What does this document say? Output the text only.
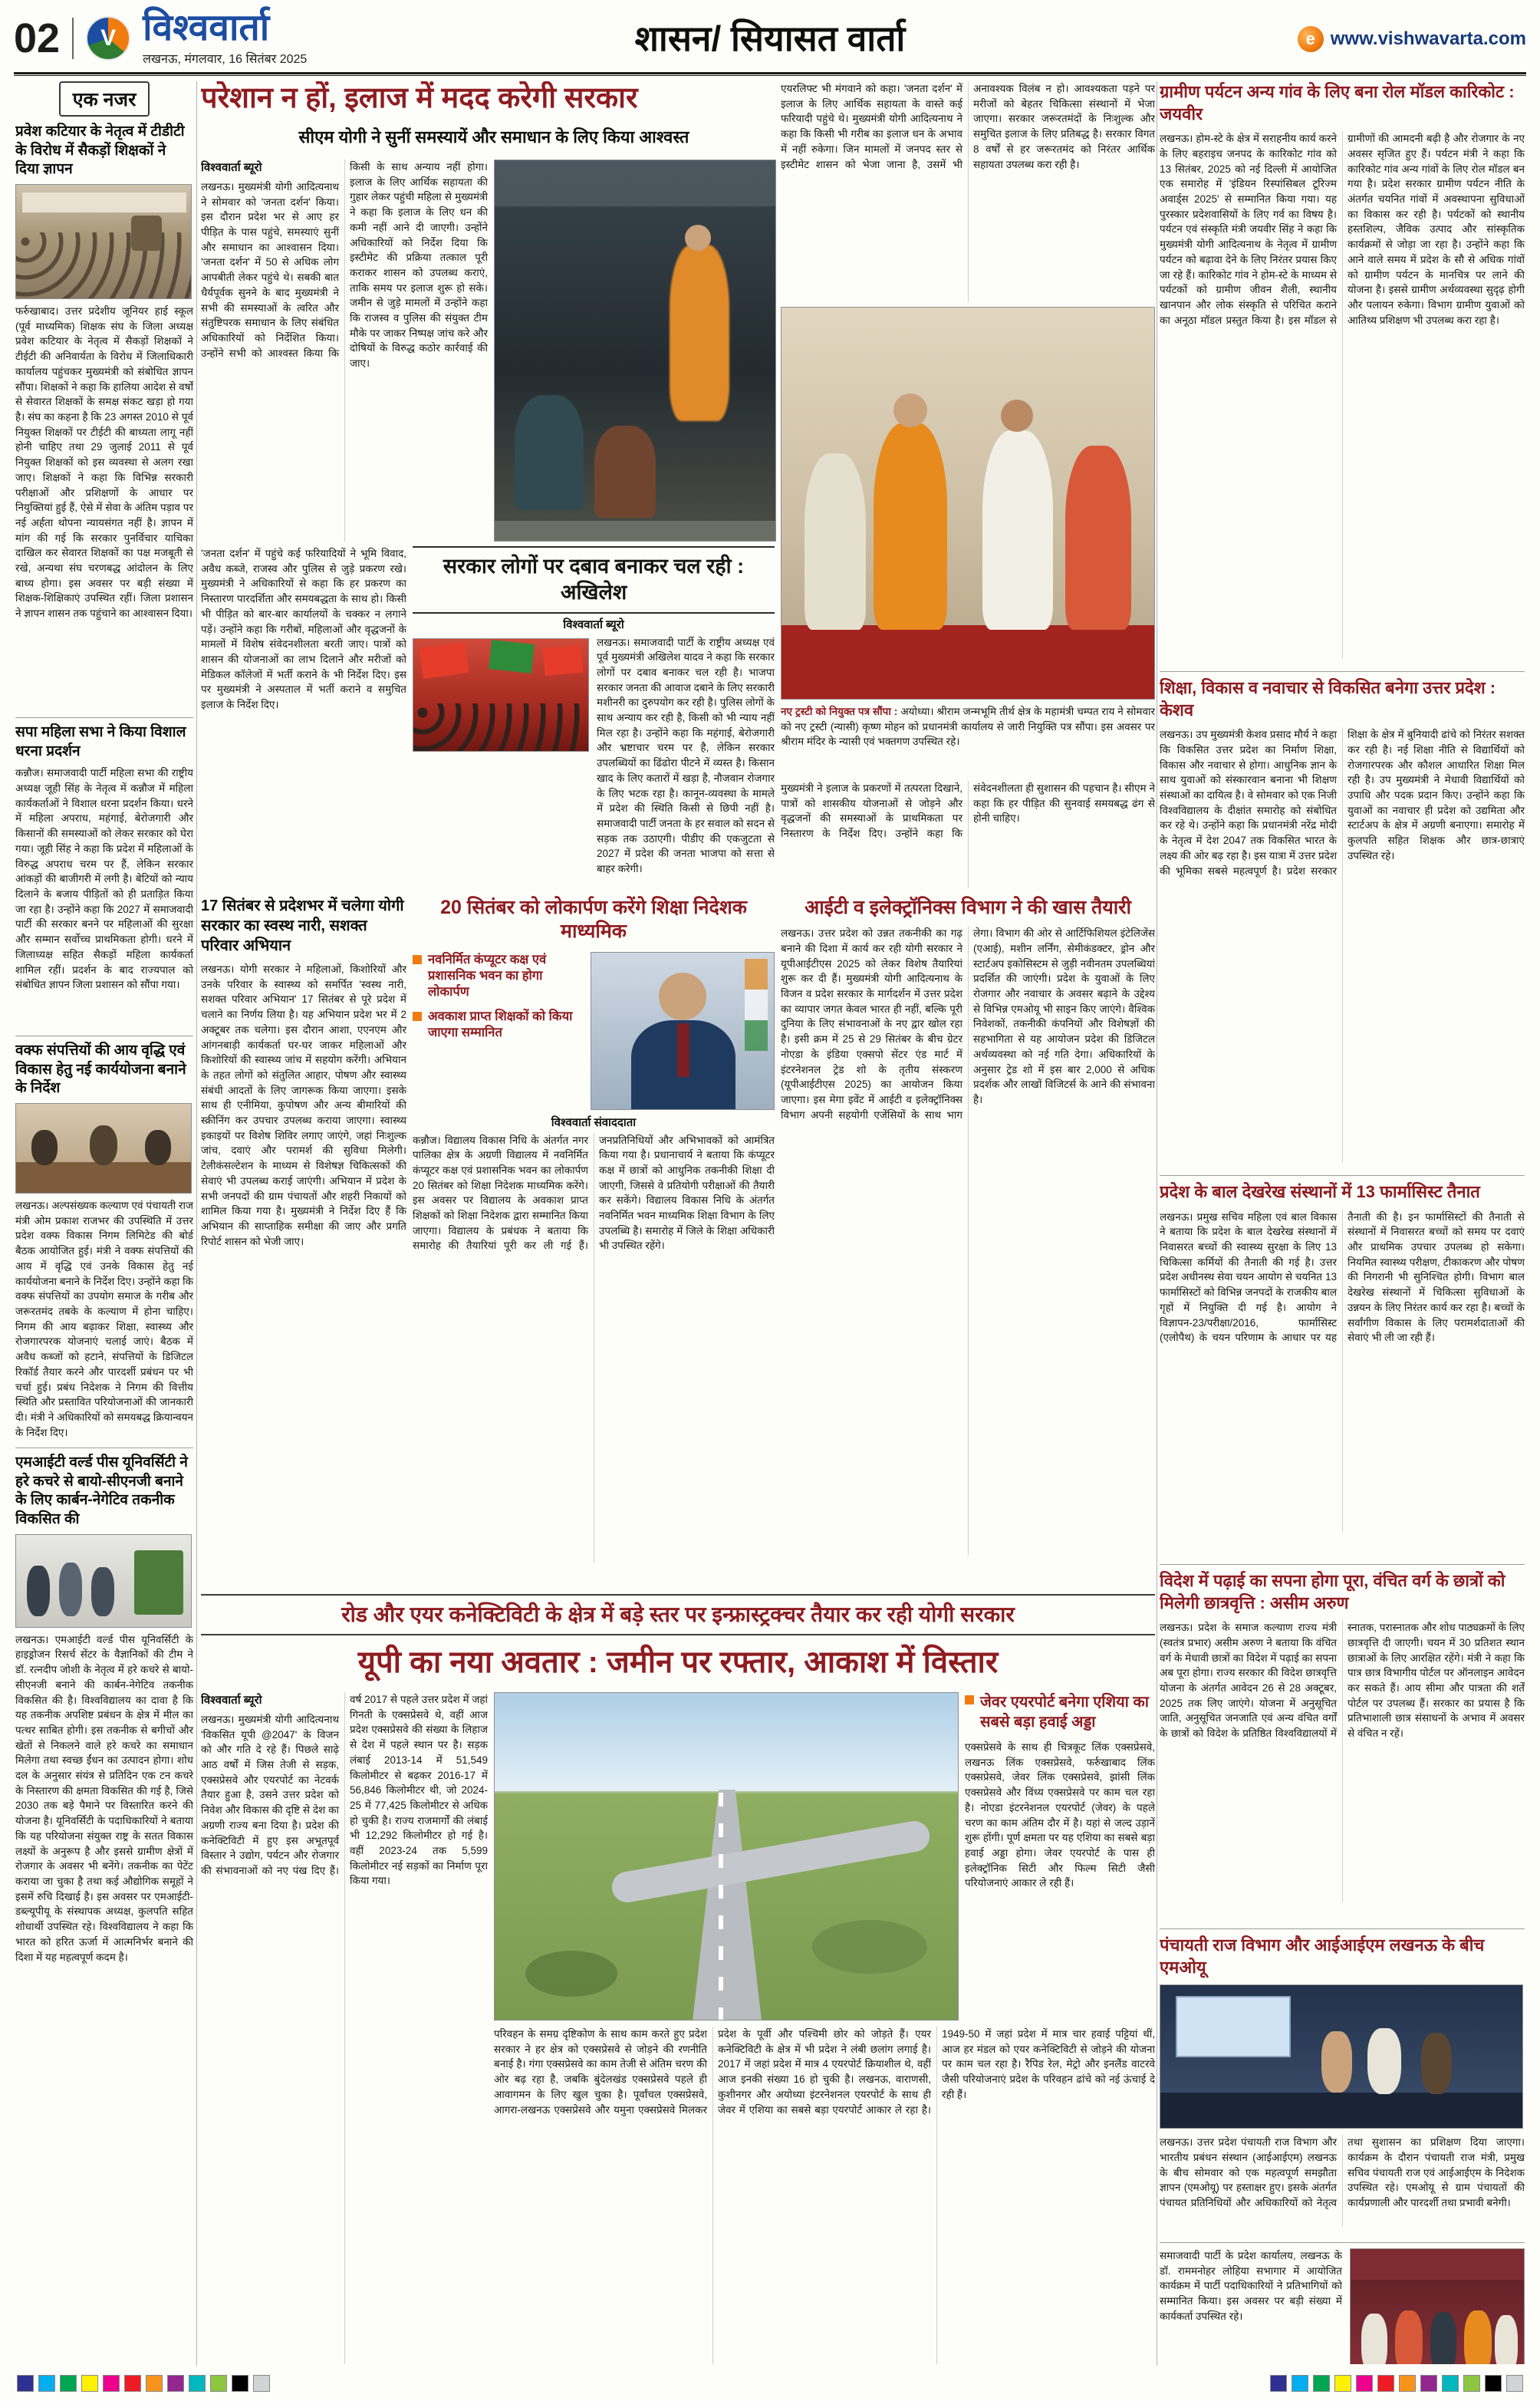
02	V विश्ववार्ता
लखनऊ, मंगलवार, 16 सितंबर 2025
शासन/ सियासत वार्ता	e www.vishwavarta.com
एक नजर
प्रवेश कटियार के नेतृत्व में टीडीटी के विरोध में सैकड़ों शिक्षकों ने दिया ज्ञापन
फर्रुखाबाद। उत्तर प्रदेशीय जूनियर हाई स्कूल (पूर्व माध्यमिक) शिक्षक संघ के जिला अध्यक्ष प्रवेश कटियार के नेतृत्व में सैकड़ों शिक्षकों ने टीईटी की अनिवार्यता के विरोध में जिलाधिकारी कार्यालय पहुंचकर मुख्यमंत्री को संबोधित ज्ञापन सौंपा। शिक्षकों ने कहा कि हालिया आदेश से वर्षों से सेवारत शिक्षकों के समक्ष संकट खड़ा हो गया है। संघ का कहना है कि 23 अगस्त 2010 से पूर्व नियुक्त शिक्षकों पर टीईटी की बाध्यता लागू नहीं होनी चाहिए तथा 29 जुलाई 2011 से पूर्व नियुक्त शिक्षकों को इस व्यवस्था से अलग रखा जाए। शिक्षकों ने कहा कि विभिन्न सरकारी परीक्षाओं और प्रशिक्षणों के आधार पर नियुक्तियां हुई हैं, ऐसे में सेवा के अंतिम पड़ाव पर नई अर्हता थोपना न्यायसंगत नहीं है। ज्ञापन में मांग की गई कि सरकार पुनर्विचार याचिका दाखिल कर सेवारत शिक्षकों का पक्ष मजबूती से रखे, अन्यथा संघ चरणबद्ध आंदोलन के लिए बाध्य होगा। इस अवसर पर बड़ी संख्या में शिक्षक-शिक्षिकाएं उपस्थित रहीं। जिला प्रशासन ने ज्ञापन शासन तक पहुंचाने का आश्वासन दिया।
सपा महिला सभा ने किया विशाल धरना प्रदर्शन
कन्नौज। समाजवादी पार्टी महिला सभा की राष्ट्रीय अध्यक्ष जूही सिंह के नेतृत्व में कन्नौज में महिला कार्यकर्ताओं ने विशाल धरना प्रदर्शन किया। धरने में महिला अपराध, महंगाई, बेरोजगारी और किसानों की समस्याओं को लेकर सरकार को घेरा गया। जूही सिंह ने कहा कि प्रदेश में महिलाओं के विरुद्ध अपराध चरम पर हैं, लेकिन सरकार आंकड़ों की बाजीगरी में लगी है। बेटियों को न्याय दिलाने के बजाय पीड़ितों को ही प्रताड़ित किया जा रहा है। उन्होंने कहा कि 2027 में समाजवादी पार्टी की सरकार बनने पर महिलाओं की सुरक्षा और सम्मान सर्वोच्च प्राथमिकता होगी। धरने में जिलाध्यक्ष सहित सैकड़ों महिला कार्यकर्ता शामिल रहीं। प्रदर्शन के बाद राज्यपाल को संबोधित ज्ञापन जिला प्रशासन को सौंपा गया।
वक्फ संपत्तियों की आय वृद्धि एवं विकास हेतु नई कार्ययोजना बनाने के निर्देश
लखनऊ। अल्पसंख्यक कल्याण एवं पंचायती राज मंत्री ओम प्रकाश राजभर की उपस्थिति में उत्तर प्रदेश वक्फ विकास निगम लिमिटेड की बोर्ड बैठक आयोजित हुई। मंत्री ने वक्फ संपत्तियों की आय में वृद्धि एवं उनके विकास हेतु नई कार्ययोजना बनाने के निर्देश दिए। उन्होंने कहा कि वक्फ संपत्तियों का उपयोग समाज के गरीब और जरूरतमंद तबके के कल्याण में होना चाहिए। निगम की आय बढ़ाकर शिक्षा, स्वास्थ्य और रोजगारपरक योजनाएं चलाई जाएं। बैठक में अवैध कब्जों को हटाने, संपत्तियों के डिजिटल रिकॉर्ड तैयार करने और पारदर्शी प्रबंधन पर भी चर्चा हुई। प्रबंध निदेशक ने निगम की वित्तीय स्थिति और प्रस्तावित परियोजनाओं की जानकारी दी। मंत्री ने अधिकारियों को समयबद्ध क्रियान्वयन के निर्देश दिए।
एमआईटी वर्ल्ड पीस यूनिवर्सिटी ने हरे कचरे से बायो-सीएनजी बनाने के लिए कार्बन-नेगेटिव तकनीक विकसित की
लखनऊ। एमआईटी वर्ल्ड पीस यूनिवर्सिटी के हाइड्रोजन रिसर्च सेंटर के वैज्ञानिकों की टीम ने डॉ. रत्नदीप जोशी के नेतृत्व में हरे कचरे से बायो-सीएनजी बनाने की कार्बन-नेगेटिव तकनीक विकसित की है। विश्वविद्यालय का दावा है कि यह तकनीक अपशिष्ट प्रबंधन के क्षेत्र में मील का पत्थर साबित होगी। इस तकनीक से बगीचों और खेतों से निकलने वाले हरे कचरे का समाधान मिलेगा तथा स्वच्छ ईंधन का उत्पादन होगा। शोध दल के अनुसार संयंत्र से प्रतिदिन एक टन कचरे के निस्तारण की क्षमता विकसित की गई है, जिसे 2030 तक बड़े पैमाने पर विस्तारित करने की योजना है। यूनिवर्सिटी के पदाधिकारियों ने बताया कि यह परियोजना संयुक्त राष्ट्र के सतत विकास लक्ष्यों के अनुरूप है और इससे ग्रामीण क्षेत्रों में रोजगार के अवसर भी बनेंगे। तकनीक का पेटेंट कराया जा चुका है तथा कई औद्योगिक समूहों ने इसमें रुचि दिखाई है। इस अवसर पर एमआईटी-डब्ल्यूपीयू के संस्थापक अध्यक्ष, कुलपति सहित शोधार्थी उपस्थित रहे। विश्वविद्यालय ने कहा कि भारत को हरित ऊर्जा में आत्मनिर्भर बनाने की दिशा में यह महत्वपूर्ण कदम है।
परेशान न हों, इलाज में मदद करेगी सरकार
सीएम योगी ने सुनीं समस्यायें और समाधान के लिए किया आश्वस्त
विश्ववार्ता ब्यूरो
लखनऊ। मुख्यमंत्री योगी आदित्यनाथ ने सोमवार को 'जनता दर्शन' किया। इस दौरान प्रदेश भर से आए हर पीड़ित के पास पहुंचे, समस्याएं सुनीं और समाधान का आश्वासन दिया। 'जनता दर्शन' में 50 से अधिक लोग आपबीती लेकर पहुंचे थे। सबकी बात धैर्यपूर्वक सुनने के बाद मुख्यमंत्री ने सभी की समस्याओं के त्वरित और संतुष्टिपरक समाधान के लिए संबंधित अधिकारियों को निर्देशित किया। उन्होंने सभी को आश्वस्त किया कि किसी के साथ अन्याय नहीं होगा। इलाज के लिए आर्थिक सहायता की गुहार लेकर पहुंची महिला से मुख्यमंत्री ने कहा कि इलाज के लिए धन की कमी नहीं आने दी जाएगी। उन्होंने अधिकारियों को निर्देश दिया कि इस्टीमेट की प्रक्रिया तत्काल पूरी कराकर शासन को उपलब्ध कराएं, ताकि समय पर इलाज शुरू हो सके। जमीन से जुड़े मामलों में उन्होंने कहा कि राजस्व व पुलिस की संयुक्त टीम मौके पर जाकर निष्पक्ष जांच करे और दोषियों के विरुद्ध कठोर कार्रवाई की जाए।
एयरलिफ्ट भी मंगवाने को कहा। 'जनता दर्शन' में इलाज के लिए आर्थिक सहायता के वास्ते कई फरियादी पहुंचे थे। मुख्यमंत्री योगी आदित्यनाथ ने कहा कि किसी भी गरीब का इलाज धन के अभाव में नहीं रुकेगा। जिन मामलों में जनपद स्तर से इस्टीमेट शासन को भेजा जाना है, उसमें भी अनावश्यक विलंब न हो। आवश्यकता पड़ने पर मरीजों को बेहतर चिकित्सा संस्थानों में भेजा जाएगा। सरकार जरूरतमंदों के निःशुल्क और समुचित इलाज के लिए प्रतिबद्ध है। सरकार विगत 8 वर्षों से हर जरूरतमंद को निरंतर आर्थिक सहायता उपलब्ध करा रही है।
नए ट्रस्टी को नियुक्त पत्र सौंपा : अयोध्या। श्रीराम जन्मभूमि तीर्थ क्षेत्र के महामंत्री चम्पत राय ने सोमवार को नए ट्रस्टी (न्यासी) कृष्ण मोहन को प्रधानमंत्री कार्यालय से जारी नियुक्ति पत्र सौंपा। इस अवसर पर श्रीराम मंदिर के न्यासी एवं भक्तगण उपस्थित रहे।
मुख्यमंत्री ने इलाज के प्रकरणों में तत्परता दिखाने, पात्रों को शासकीय योजनाओं से जोड़ने और वृद्धजनों की समस्याओं के प्राथमिकता पर निस्तारण के निर्देश दिए। उन्होंने कहा कि संवेदनशीलता ही सुशासन की पहचान है। सीएम ने कहा कि हर पीड़ित की सुनवाई समयबद्ध ढंग से होनी चाहिए।
'जनता दर्शन' में पहुंचे कई फरियादियों ने भूमि विवाद, अवैध कब्जे, राजस्व और पुलिस से जुड़े प्रकरण रखे। मुख्यमंत्री ने अधिकारियों से कहा कि हर प्रकरण का निस्तारण पारदर्शिता और समयबद्धता के साथ हो। किसी भी पीड़ित को बार-बार कार्यालयों के चक्कर न लगाने पड़ें। उन्होंने कहा कि गरीबों, महिलाओं और वृद्धजनों के मामलों में विशेष संवेदनशीलता बरती जाए। पात्रों को शासन की योजनाओं का लाभ दिलाने और मरीजों को मेडिकल कॉलेजों में भर्ती कराने के भी निर्देश दिए। इस पर मुख्यमंत्री ने अस्पताल में भर्ती कराने व समुचित इलाज के निर्देश दिए।
सरकार लोगों पर दबाव बनाकर चल रही : अखिलेश
विश्ववार्ता ब्यूरो
लखनऊ। समाजवादी पार्टी के राष्ट्रीय अध्यक्ष एवं पूर्व मुख्यमंत्री अखिलेश यादव ने कहा कि सरकार लोगों पर दबाव बनाकर चल रही है। भाजपा सरकार जनता की आवाज दबाने के लिए सरकारी मशीनरी का दुरुपयोग कर रही है। पुलिस लोगों के साथ अन्याय कर रही है, किसी को भी न्याय नहीं मिल रहा है। उन्होंने कहा कि महंगाई, बेरोजगारी और भ्रष्टाचार चरम पर है, लेकिन सरकार उपलब्धियों का ढिंढोरा पीटने में व्यस्त है। किसान खाद के लिए कतारों में खड़ा है, नौजवान रोजगार के लिए भटक रहा है। कानून-व्यवस्था के मामले में प्रदेश की स्थिति किसी से छिपी नहीं है। समाजवादी पार्टी जनता के हर सवाल को सदन से सड़क तक उठाएगी। पीडीए की एकजुटता से 2027 में प्रदेश की जनता भाजपा को सत्ता से बाहर करेगी।
17 सितंबर से प्रदेशभर में चलेगा योगी सरकार का स्वस्थ नारी, सशक्त परिवार अभियान
लखनऊ। योगी सरकार ने महिलाओं, किशोरियों और उनके परिवार के स्वास्थ्य को समर्पित 'स्वस्थ नारी, सशक्त परिवार अभियान' 17 सितंबर से पूरे प्रदेश में चलाने का निर्णय लिया है। यह अभियान प्रदेश भर में 2 अक्टूबर तक चलेगा। इस दौरान आशा, एएनएम और आंगनबाड़ी कार्यकर्ता घर-घर जाकर महिलाओं और किशोरियों की स्वास्थ्य जांच में सहयोग करेंगी। अभियान के तहत लोगों को संतुलित आहार, पोषण और स्वास्थ्य संबंधी आदतों के लिए जागरूक किया जाएगा। इसके साथ ही एनीमिया, कुपोषण और अन्य बीमारियों की स्क्रीनिंग कर उपचार उपलब्ध कराया जाएगा। स्वास्थ्य इकाइयों पर विशेष शिविर लगाए जाएंगे, जहां निःशुल्क जांच, दवाएं और परामर्श की सुविधा मिलेगी। टेलीकंसल्टेशन के माध्यम से विशेषज्ञ चिकित्सकों की सेवाएं भी उपलब्ध कराई जाएंगी। अभियान में प्रदेश के सभी जनपदों की ग्राम पंचायतों और शहरी निकायों को शामिल किया गया है। मुख्यमंत्री ने निर्देश दिए हैं कि अभियान की साप्ताहिक समीक्षा की जाए और प्रगति रिपोर्ट शासन को भेजी जाए।
20 सितंबर को लोकार्पण करेंगे शिक्षा निदेशक माध्यमिक
नवनिर्मित कंप्यूटर कक्ष एवं प्रशासनिक भवन का होगा लोकार्पण
अवकाश प्राप्त शिक्षकों को किया जाएगा सम्मानित
विश्ववार्ता संवाददाता
कन्नौज। विद्यालय विकास निधि के अंतर्गत नगर पालिका क्षेत्र के अग्रणी विद्यालय में नवनिर्मित कंप्यूटर कक्ष एवं प्रशासनिक भवन का लोकार्पण 20 सितंबर को शिक्षा निदेशक माध्यमिक करेंगे। इस अवसर पर विद्यालय के अवकाश प्राप्त शिक्षकों को शिक्षा निदेशक द्वारा सम्मानित किया जाएगा। विद्यालय के प्रबंधक ने बताया कि समारोह की तैयारियां पूरी कर ली गई हैं। जनप्रतिनिधियों और अभिभावकों को आमंत्रित किया गया है। प्रधानाचार्य ने बताया कि कंप्यूटर कक्ष में छात्रों को आधुनिक तकनीकी शिक्षा दी जाएगी, जिससे वे प्रतियोगी परीक्षाओं की तैयारी कर सकेंगे। विद्यालय विकास निधि के अंतर्गत नवनिर्मित भवन माध्यमिक शिक्षा विभाग के लिए उपलब्धि है। समारोह में जिले के शिक्षा अधिकारी भी उपस्थित रहेंगे।
आईटी व इलेक्ट्रॉनिक्स विभाग ने की खास तैयारी
लखनऊ। उत्तर प्रदेश को उन्नत तकनीकी का गढ़ बनाने की दिशा में कार्य कर रही योगी सरकार ने यूपीआईटीएस 2025 को लेकर विशेष तैयारियां शुरू कर दी हैं। मुख्यमंत्री योगी आदित्यनाथ के विजन व प्रदेश सरकार के मार्गदर्शन में उत्तर प्रदेश का व्यापार जगत केवल भारत ही नहीं, बल्कि पूरी दुनिया के लिए संभावनाओं के नए द्वार खोल रहा है। इसी क्रम में 25 से 29 सितंबर के बीच ग्रेटर नोएडा के इंडिया एक्सपो सेंटर एंड मार्ट में इंटरनेशनल ट्रेड शो के तृतीय संस्करण (यूपीआईटीएस 2025) का आयोजन किया जाएगा। इस मेगा इवेंट में आईटी व इलेक्ट्रॉनिक्स विभाग अपनी सहयोगी एजेंसियों के साथ भाग लेगा। विभाग की ओर से आर्टिफिशियल इंटेलिजेंस (एआई), मशीन लर्निंग, सेमीकंडक्टर, ड्रोन और स्टार्टअप इकोसिस्टम से जुड़ी नवीनतम उपलब्धियां प्रदर्शित की जाएंगी। प्रदेश के युवाओं के लिए रोजगार और नवाचार के अवसर बढ़ाने के उद्देश्य से विभिन्न एमओयू भी साइन किए जाएंगे। वैश्विक निवेशकों, तकनीकी कंपनियों और विशेषज्ञों की सहभागिता से यह आयोजन प्रदेश की डिजिटल अर्थव्यवस्था को नई गति देगा। अधिकारियों के अनुसार ट्रेड शो में इस बार 2,000 से अधिक प्रदर्शक और लाखों विजिटर्स के आने की संभावना है।
रोड और एयर कनेक्टिविटी के क्षेत्र में बड़े स्तर पर इन्फ्रास्ट्रक्चर तैयार कर रही योगी सरकार
यूपी का नया अवतार : जमीन पर रफ्तार, आकाश में विस्तार
विश्ववार्ता ब्यूरो
लखनऊ। मुख्यमंत्री योगी आदित्यनाथ 'विकसित यूपी @2047' के विजन को और गति दे रहे हैं। पिछले साढ़े आठ वर्षों में जिस तेजी से सड़क, एक्सप्रेसवे और एयरपोर्ट का नेटवर्क तैयार हुआ है, उसने उत्तर प्रदेश को निवेश और विकास की दृष्टि से देश का अग्रणी राज्य बना दिया है। प्रदेश की कनेक्टिविटी में हुए इस अभूतपूर्व विस्तार ने उद्योग, पर्यटन और रोजगार की संभावनाओं को नए पंख दिए हैं। वर्ष 2017 से पहले उत्तर प्रदेश में जहां गिनती के एक्सप्रेसवे थे, वहीं आज प्रदेश एक्सप्रेसवे की संख्या के लिहाज से देश में पहले स्थान पर है। सड़क लंबाई 2013-14 में 51,549 किलोमीटर से बढ़कर 2016-17 में 56,846 किलोमीटर थी, जो 2024-25 में 77,425 किलोमीटर से अधिक हो चुकी है। राज्य राजमार्गों की लंबाई भी 12,292 किलोमीटर हो गई है। वहीं 2023-24 तक 5,599 किलोमीटर नई सड़कों का निर्माण पूरा किया गया।
जेवर एयरपोर्ट बनेगा एशिया का सबसे बड़ा हवाई अड्डा
एक्सप्रेसवे के साथ ही चित्रकूट लिंक एक्सप्रेसवे, लखनऊ लिंक एक्सप्रेसवे, फर्रुखाबाद लिंक एक्सप्रेसवे, जेवर लिंक एक्सप्रेसवे, झांसी लिंक एक्सप्रेसवे और विंध्य एक्सप्रेसवे पर काम चल रहा है। नोएडा इंटरनेशनल एयरपोर्ट (जेवर) के पहले चरण का काम अंतिम दौर में है। यहां से जल्द उड़ानें शुरू होंगी। पूर्ण क्षमता पर यह एशिया का सबसे बड़ा हवाई अड्डा होगा। जेवर एयरपोर्ट के पास ही इलेक्ट्रॉनिक सिटी और फिल्म सिटी जैसी परियोजनाएं आकार ले रही हैं।
परिवहन के समग्र दृष्टिकोण के साथ काम करते हुए प्रदेश सरकार ने हर क्षेत्र को एक्सप्रेसवे से जोड़ने की रणनीति बनाई है। गंगा एक्सप्रेसवे का काम तेजी से अंतिम चरण की ओर बढ़ रहा है, जबकि बुंदेलखंड एक्सप्रेसवे पहले ही आवागमन के लिए खुल चुका है। पूर्वांचल एक्सप्रेसवे, आगरा-लखनऊ एक्सप्रेसवे और यमुना एक्सप्रेसवे मिलकर प्रदेश के पूर्वी और पश्चिमी छोर को जोड़ते हैं। एयर कनेक्टिविटी के क्षेत्र में भी प्रदेश ने लंबी छलांग लगाई है। 2017 में जहां प्रदेश में मात्र 4 एयरपोर्ट क्रियाशील थे, वहीं आज इनकी संख्या 16 हो चुकी है। लखनऊ, वाराणसी, कुशीनगर और अयोध्या इंटरनेशनल एयरपोर्ट के साथ ही जेवर में एशिया का सबसे बड़ा एयरपोर्ट आकार ले रहा है। 1949-50 में जहां प्रदेश में मात्र चार हवाई पट्टियां थीं, आज हर मंडल को एयर कनेक्टिविटी से जोड़ने की योजना पर काम चल रहा है। रैपिड रेल, मेट्रो और इनलैंड वाटरवे जैसी परियोजनाएं प्रदेश के परिवहन ढांचे को नई ऊंचाई दे रही हैं।
ग्रामीण पर्यटन अन्य गांव के लिए बना रोल मॉडल कारिकोट : जयवीर
लखनऊ। होम-स्टे के क्षेत्र में सराहनीय कार्य करने के लिए बहराइच जनपद के कारिकोट गांव को 13 सितंबर, 2025 को नई दिल्ली में आयोजित एक समारोह में 'इंडियन रिस्पांसिबल टूरिज्म अवार्ड्स 2025' से सम्मानित किया गया। यह पुरस्कार प्रदेशवासियों के लिए गर्व का विषय है। पर्यटन एवं संस्कृति मंत्री जयवीर सिंह ने कहा कि मुख्यमंत्री योगी आदित्यनाथ के नेतृत्व में ग्रामीण पर्यटन को बढ़ावा देने के लिए निरंतर प्रयास किए जा रहे हैं। कारिकोट गांव ने होम-स्टे के माध्यम से पर्यटकों को ग्रामीण जीवन शैली, स्थानीय खानपान और लोक संस्कृति से परिचित कराने का अनूठा मॉडल प्रस्तुत किया है। इस मॉडल से ग्रामीणों की आमदनी बढ़ी है और रोजगार के नए अवसर सृजित हुए हैं। पर्यटन मंत्री ने कहा कि कारिकोट गांव अन्य गांवों के लिए रोल मॉडल बन गया है। प्रदेश सरकार ग्रामीण पर्यटन नीति के अंतर्गत चयनित गांवों में अवस्थापना सुविधाओं का विकास कर रही है। पर्यटकों को स्थानीय हस्तशिल्प, जैविक उत्पाद और सांस्कृतिक कार्यक्रमों से जोड़ा जा रहा है। उन्होंने कहा कि आने वाले समय में प्रदेश के सौ से अधिक गांवों को ग्रामीण पर्यटन के मानचित्र पर लाने की योजना है। इससे ग्रामीण अर्थव्यवस्था सुदृढ़ होगी और पलायन रुकेगा। विभाग ग्रामीण युवाओं को आतिथ्य प्रशिक्षण भी उपलब्ध करा रहा है।
शिक्षा, विकास व नवाचार से विकसित बनेगा उत्तर प्रदेश : केशव
लखनऊ। उप मुख्यमंत्री केशव प्रसाद मौर्य ने कहा कि विकसित उत्तर प्रदेश का निर्माण शिक्षा, विकास और नवाचार से होगा। आधुनिक ज्ञान के साथ युवाओं को संस्कारवान बनाना भी शिक्षण संस्थाओं का दायित्व है। वे सोमवार को एक निजी विश्वविद्यालय के दीक्षांत समारोह को संबोधित कर रहे थे। उन्होंने कहा कि प्रधानमंत्री नरेंद्र मोदी के नेतृत्व में देश 2047 तक विकसित भारत के लक्ष्य की ओर बढ़ रहा है। इस यात्रा में उत्तर प्रदेश की भूमिका सबसे महत्वपूर्ण है। प्रदेश सरकार शिक्षा के क्षेत्र में बुनियादी ढांचे को निरंतर सशक्त कर रही है। नई शिक्षा नीति से विद्यार्थियों को रोजगारपरक और कौशल आधारित शिक्षा मिल रही है। उप मुख्यमंत्री ने मेधावी विद्यार्थियों को उपाधि और पदक प्रदान किए। उन्होंने कहा कि युवाओं का नवाचार ही प्रदेश को उद्यमिता और स्टार्टअप के क्षेत्र में अग्रणी बनाएगा। समारोह में कुलपति सहित शिक्षक और छात्र-छात्राएं उपस्थित रहे।
प्रदेश के बाल देखरेख संस्थानों में 13 फार्मासिस्ट तैनात
लखनऊ। प्रमुख सचिव महिला एवं बाल विकास ने बताया कि प्रदेश के बाल देखरेख संस्थानों में निवासरत बच्चों की स्वास्थ्य सुरक्षा के लिए 13 चिकित्सा कर्मियों की तैनाती की गई है। उत्तर प्रदेश अधीनस्थ सेवा चयन आयोग से चयनित 13 फार्मासिस्टों को विभिन्न जनपदों के राजकीय बाल गृहों में नियुक्ति दी गई है। आयोग ने विज्ञापन-23/परीक्षा/2016, फार्मासिस्ट (एलोपैथ) के चयन परिणाम के आधार पर यह तैनाती की है। इन फार्मासिस्टों की तैनाती से संस्थानों में निवासरत बच्चों को समय पर दवाएं और प्राथमिक उपचार उपलब्ध हो सकेगा। नियमित स्वास्थ्य परीक्षण, टीकाकरण और पोषण की निगरानी भी सुनिश्चित होगी। विभाग बाल देखरेख संस्थानों में चिकित्सा सुविधाओं के उन्नयन के लिए निरंतर कार्य कर रहा है। बच्चों के सर्वांगीण विकास के लिए परामर्शदाताओं की सेवाएं भी ली जा रही हैं।
विदेश में पढ़ाई का सपना होगा पूरा, वंचित वर्ग के छात्रों को मिलेगी छात्रवृत्ति : असीम अरुण
लखनऊ। प्रदेश के समाज कल्याण राज्य मंत्री (स्वतंत्र प्रभार) असीम अरुण ने बताया कि वंचित वर्ग के मेधावी छात्रों का विदेश में पढ़ाई का सपना अब पूरा होगा। राज्य सरकार की विदेश छात्रवृत्ति योजना के अंतर्गत आवेदन 26 से 28 अक्टूबर, 2025 तक लिए जाएंगे। योजना में अनुसूचित जाति, अनुसूचित जनजाति एवं अन्य वंचित वर्गों के छात्रों को विदेश के प्रतिष्ठित विश्वविद्यालयों में स्नातक, परास्नातक और शोध पाठ्यक्रमों के लिए छात्रवृत्ति दी जाएगी। चयन में 30 प्रतिशत स्थान छात्राओं के लिए आरक्षित रहेंगे। मंत्री ने कहा कि पात्र छात्र विभागीय पोर्टल पर ऑनलाइन आवेदन कर सकते हैं। आय सीमा और पात्रता की शर्तें पोर्टल पर उपलब्ध हैं। सरकार का प्रयास है कि प्रतिभाशाली छात्र संसाधनों के अभाव में अवसर से वंचित न रहें।
पंचायती राज विभाग और आईआईएम लखनऊ के बीच एमओयू
लखनऊ। उत्तर प्रदेश पंचायती राज विभाग और भारतीय प्रबंधन संस्थान (आईआईएम) लखनऊ के बीच सोमवार को एक महत्वपूर्ण समझौता ज्ञापन (एमओयू) पर हस्ताक्षर हुए। इसके अंतर्गत पंचायत प्रतिनिधियों और अधिकारियों को नेतृत्व तथा सुशासन का प्रशिक्षण दिया जाएगा। कार्यक्रम के दौरान पंचायती राज मंत्री, प्रमुख सचिव पंचायती राज एवं आईआईएम के निदेशक उपस्थित रहे। एमओयू से ग्राम पंचायतों की कार्यप्रणाली और पारदर्शी तथा प्रभावी बनेगी।
समाजवादी पार्टी के प्रदेश कार्यालय, लखनऊ के डॉ. राममनोहर लोहिया सभागार में आयोजित कार्यक्रम में पार्टी पदाधिकारियों ने प्रतिभागियों को सम्मानित किया। इस अवसर पर बड़ी संख्या में कार्यकर्ता उपस्थित रहे।
